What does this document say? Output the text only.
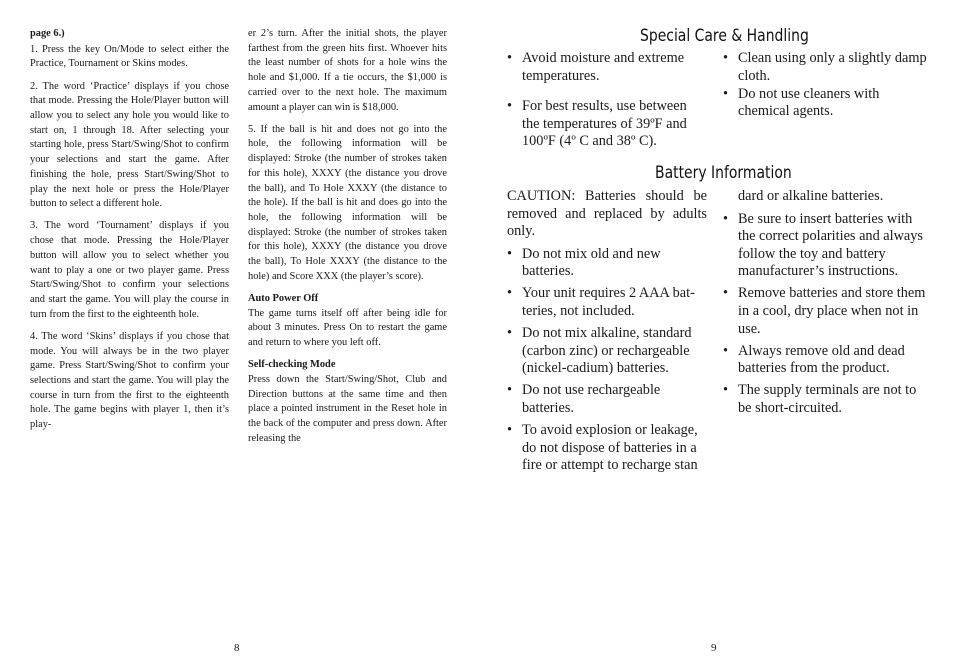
page 6.)

1. Press the key On/Mode to select either the Practice, Tournament or Skins modes.

2. The word ‘Practice’ displays if you chose that mode. Pressing the Hole/Player button will allow you to select any hole you would like to start on, 1 through 18. After selecting your starting hole, press Start/Swing/Shot to confirm your selections and start the game. After finishing the hole, press Start/Swing/Shot to play the next hole or press the Hole/Player button to select a different hole.

3. The word ‘Tournament’ displays if you chose that mode. Pressing the Hole/Player button will allow you to select whether you want to play a one or two player game. Press Start/Swing/Shot to confirm your selections and start the game. You will play the course in turn from the first to the eighteenth hole.

4. The word ‘Skins’ displays if you chose that mode. You will always be in the two player game. Press Start/Swing/Shot to confirm your selections and start the game. You will play the course in turn from the first to the eighteenth hole. The game begins with player 1, then it’s play-

er 2’s turn. After the initial shots, the player farthest from the green hits first. Whoever hits the least number of shots for a hole wins the hole and $1,000. If a tie occurs, the $1,000 is carried over to the next hole. The maximum amount a player can win is $18,000.

5. If the ball is hit and does not go into the hole, the following information will be displayed: Stroke (the number of strokes taken for this hole), XXXY (the distance you drove the ball), and To Hole XXXY (the distance to the hole). If the ball is hit and does go into the hole, the following information will be displayed: Stroke (the number of strokes taken for this hole), XXXY (the distance you drove the ball), To Hole XXXY (the distance to the hole) and Score XXX (the player’s score).

Auto Power Off

The game turns itself off after being idle for about 3 minutes. Press On to restart the game and return to where you left off.

Self-checking Mode

Press down the Start/Swing/Shot, Club and Direction buttons at the same time and then place a pointed instrument in the Reset hole in the back of the computer and press down. After releasing the

8
Special Care & Handling
• Avoid moisture and extreme temperatures.
• For best results, use between the temperatures of 39ºF and 100ºF (4º C and 38º C).
• Clean using only a slightly damp cloth.
• Do not use cleaners with chemical agents.
Battery Information

CAUTION: Batteries should be removed and replaced by adults only.

• Do not mix old and new batteries.
• Your unit requires 2 AAA bat-teries, not included.
• Do not mix alkaline, standard (carbon zinc) or rechargeable (nickel-cadium) batteries.
• Do not use rechargeable batteries.
• To avoid explosion or leakage, do not dispose of batteries in a fire or attempt to recharge stan

dard or alkaline batteries.

• Be sure to insert batteries with the correct polarities and always follow the toy and battery manufacturer’s instructions.
• Remove batteries and store them in a cool, dry place when not in use.
• Always remove old and dead batteries from the product.
• The supply terminals are not to be short-circuited.
9
